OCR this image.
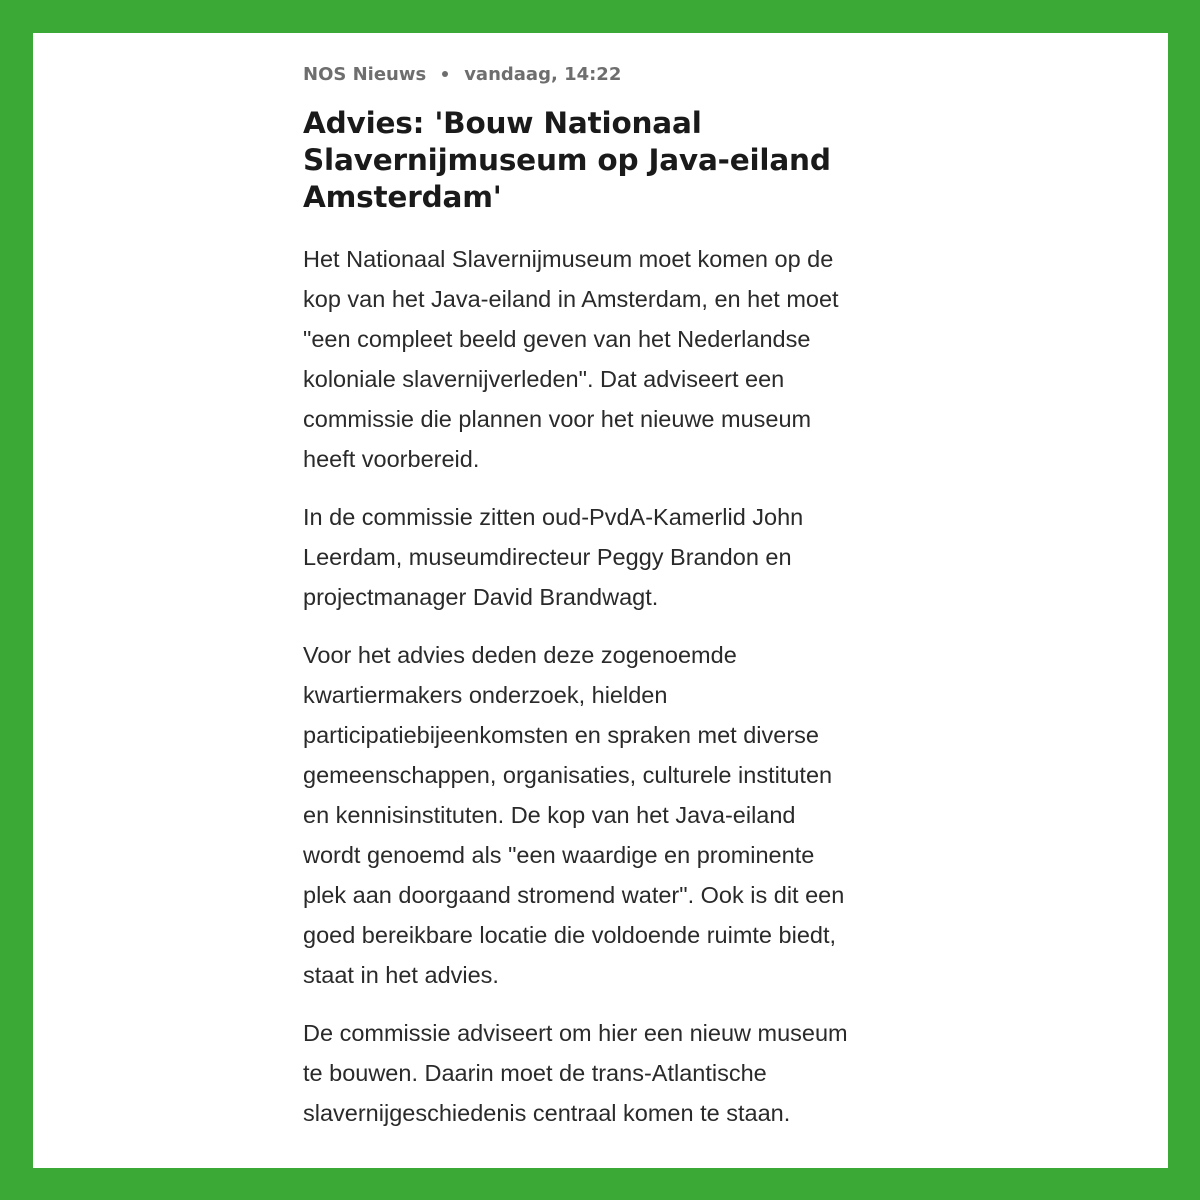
NOS Nieuws vandaag, 14:22
Advies: 'Bouw Nationaal
Slavernijmuseum op Java-eiland
Amsterdam'

Het Nationaal Slavernijmuseum moet komen op de
kop van het Java-eiland in Amsterdam, en het moet
"een compleet beeld geven van het Nederlandse
koloniale slavernijverleden". Dat adviseert een
commissie die plannen voor het nieuwe museum
heeft voorbereid.

In de commissie zitten oud-PvdA-Kamerlid John
Leerdam, museumdirecteur Peggy Brandon en
projectmanager David Brandwagt.

Voor het advies deden deze zogenoemde
kwartiermakers onderzoek, hielden
participatiebijeenkomsten en spraken met diverse
gemeenschappen, organisaties, culturele instituten
en kennisinstituten. De kop van het Java-eiland
wordt genoemd als "een waardige en prominente
plek aan doorgaand stromend water". Ook is dit een
goed bereikbare locatie die voldoende ruimte biedt,
staat in het advies.

De commissie adviseert om hier een nieuw museum
te bouwen. Daarin moet de trans-Atlantische
slavernijgeschiedenis centraal komen te staan.
